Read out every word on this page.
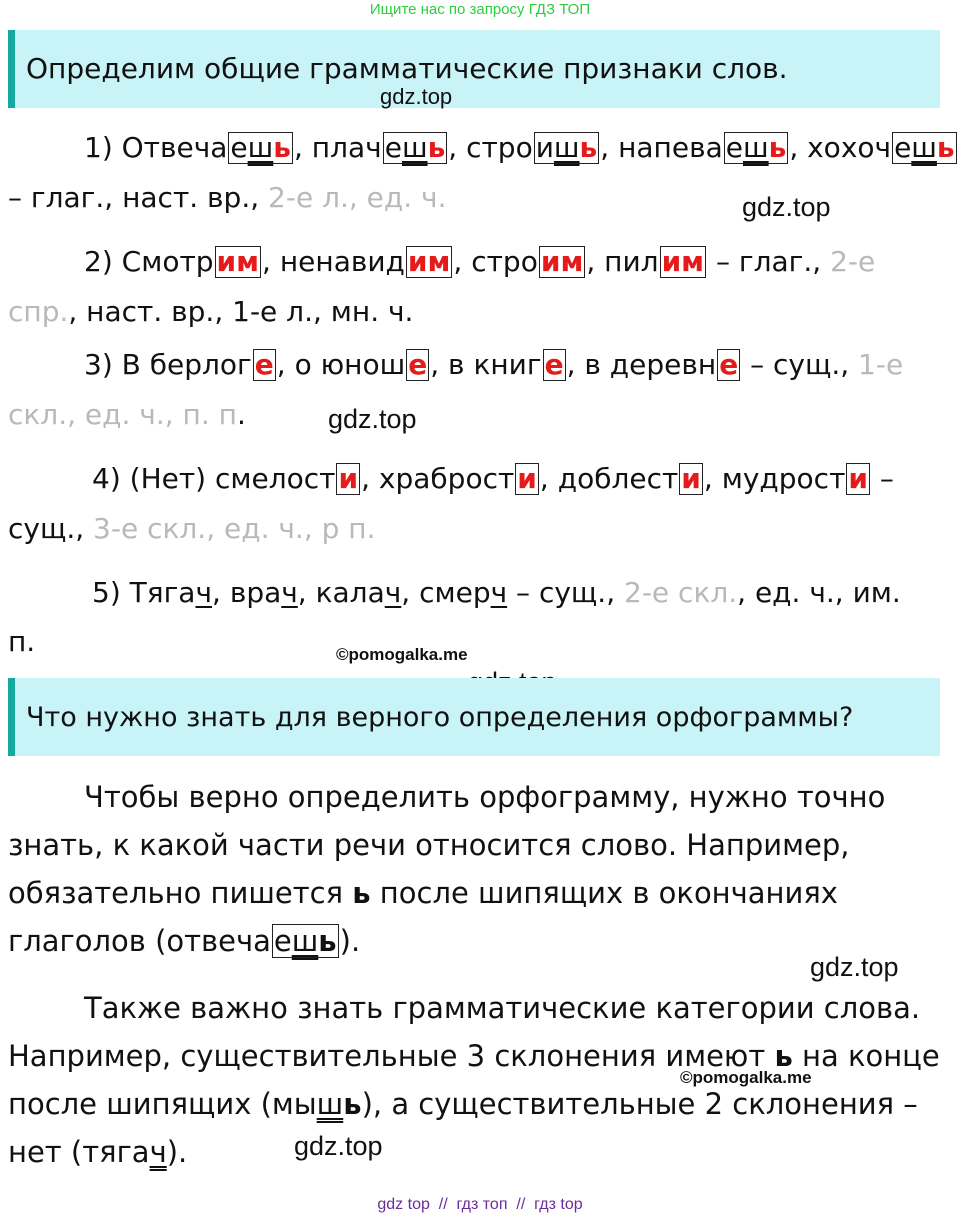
Ищите нас по запросу ГДЗ ТОП
Определим общие грамматические признаки слов.
gdz.top
1) Отвеча ешь , плач ешь , стро ишь , напева ешь , хохоч ешь
– глаг., наст. вр., 2-е л., ед. ч.	gdz.top
2) Смотр им , ненавид им , стро им , пил им – глаг., 2-е
спр., наст. вр., 1-е л., мн. ч.
3) В берлог е , о юнош е , в книг е , в деревн е – сущ., 1-е
скл., ед. ч., п. п.	gdz.top
4) (Нет) смелост и , храброст и , доблест и , мудрост и –
сущ., 3-е скл., ед. ч., р п.
5) Тягач, врач, калач, смерч – сущ., 2-е скл., ед. ч., им.
п.	©pomogalka.me
Что нужно знать для верного определения орфограммы?
Чтобы верно определить орфограмму, нужно точно
знать, к какой части речи относится слово. Например,
обязательно пишется ь после шипящих в окончаниях
глаголов (отвеча ешь ).
gdz.top
Также важно знать грамматические категории слова.
Например, существительные 3 склонения имеют ь на конце
после шипящих (мышь), а существительные 2 склонения –
нет (тягач).
©pomogalka.me
gdz.top
gdz top  //  гдз топ  //  гдз top
